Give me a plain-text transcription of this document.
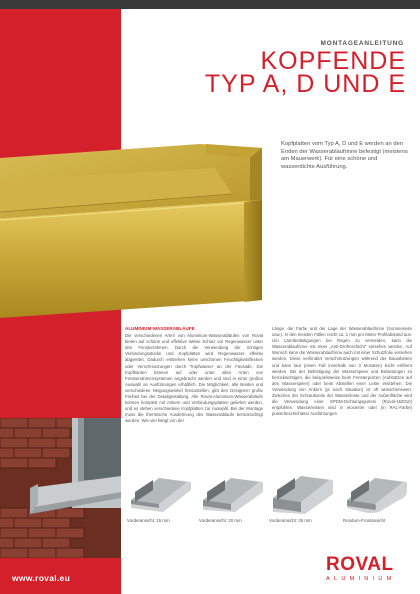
MONTAGEANLEITUNG
KOPFENDE
TYP A, D UND E

Kopfplatten vom Typ A, D und E werden an den Enden der Wasserablaufrinne befestigt (meistens am Mauerwerk). Für eine schöne und wasserdichte Ausführung.

ALUMINIUM-WASSERABLÄUFE
Die verschiedenen Arten von Aluminium-Wasserabläufen von Roval bieten auf schöne und effektive Weise Schutz vor Regenwasser unter den Fensterrahmen. Durch die Verwendung der richtigen Verbindungsstücke und Kopfplatten wird Regenwasser effektiv abgeleitet. Dadurch entstehen keine unschönen Feuchtigkeitsflecken oder Verschmutzungen durch Tropfwasser an der Fassade. Die Kopfkanten können auf oder unter allen Arten von Fensterrahmensystemen angebracht werden und sind in einer großen Auswahl an Ausführungen erhältlich. Die Möglichkeit, alle Breiten und verschiedene Neigungswinkel festzustellen, gibt den Designern große Freiheit bei der Detailgestaltung. Alle Roval-Aluminium-Wasserabläufe können komplett mit Ankern und Verbindungsplatten geliefert werden, und es stehen verschiedene Kopfplatten zur Auswahl. Bei der Montage muss die thermische Ausdehnung des Wasserablaufs berücksichtigt werden. Wie viel hängt von der
Länge, der Farbe und der Lage der Wasserablaufrinne (Sonnenseite usw.). In den meisten Fällen reicht ca. 1 mm pro Meter Profilabstand aus. Um Lärmbelästigungen bei Regen zu vermeiden, kann die Wasserablaufrinne mit einer „Anti-Dröhnschicht“ versehen werden. Auf Wunsch kann die Wasserablaufrinne auch mit einer Schutzfolie versehen werden. Diese verhindert Verschmutzungen während der Bauarbeiten und kann laut (einen Fall innerhalb von 3 Monaten) leicht entfernt werden. Bei der Befestigung der Wasserspeier und Belastungen zu berücksichtigen, die beispielsweise beim Fensterputzen (Aufstützen auf den Wasserspeier) oder beim Abstellen einer Leiter entstehen. Die Verwendung von Ankern (je nach Situation) ist oft wünschenswert. Zwischen der Schraubseite der Wasserleiste und der Außenfläche wird die Verwendung einer EPDM-Dichtungsgummi (Roval-152010) empfohlen. Wasserleisten sind in eloxierter oder (in RAL-Farbe) pulverbeschichteter Ausführungen
Vorderansicht: 15 mm	Vorderansicht: 20 mm	Vorderansicht: 35 mm	Rundum-Frontansicht
www.roval.eu
ROVAL
ALUMINIUM
